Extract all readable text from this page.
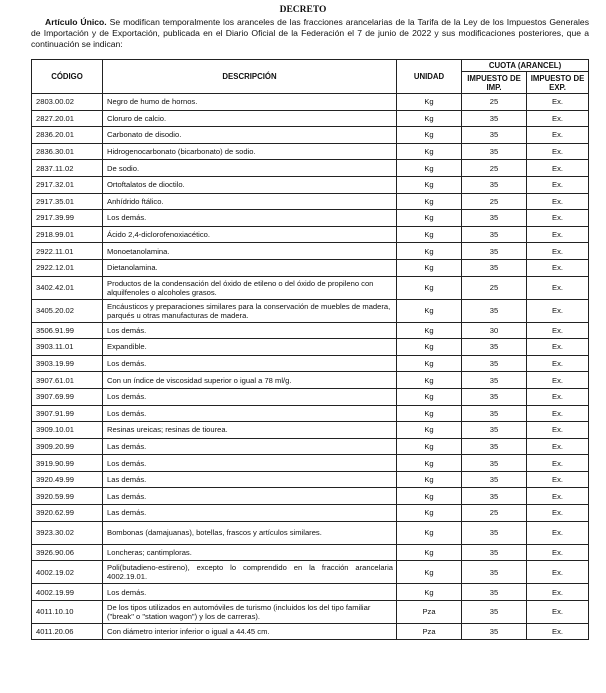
DECRETO
Artículo Único. Se modifican temporalmente los aranceles de las fracciones arancelarias de la Tarifa de la Ley de los Impuestos Generales de Importación y de Exportación, publicada en el Diario Oficial de la Federación el 7 de junio de 2022 y sus modificaciones posteriores, que a continuación se indican:
CÓDIGO	DESCRIPCIÓN	UNIDAD	CUOTA (ARANCEL)	
			IMPUESTO DE IMP.	IMPUESTO DE EXP.
2803.00.02	Negro de humo de hornos.	Kg	25	Ex.
2827.20.01	Cloruro de calcio.	Kg	35	Ex.
2836.20.01	Carbonato de disodio.	Kg	35	Ex.
2836.30.01	Hidrogenocarbonato (bicarbonato) de sodio.	Kg	35	Ex.
2837.11.02	De sodio.	Kg	25	Ex.
2917.32.01	Ortoftalatos de dioctilo.	Kg	35	Ex.
2917.35.01	Anhídrido ftálico.	Kg	25	Ex.
2917.39.99	Los demás.	Kg	35	Ex.
2918.99.01	Ácido 2,4-diclorofenoxiacético.	Kg	35	Ex.
2922.11.01	Monoetanolamina.	Kg	35	Ex.
2922.12.01	Dietanolamina.	Kg	35	Ex.
3402.42.01	Productos de la condensación del óxido de etileno o del óxido de propileno con alquilfenoles o alcoholes grasos.	Kg	25	Ex.
3405.20.02	Encáusticos y preparaciones similares para la conservación de muebles de madera, parqués u otras manufacturas de madera.	Kg	35	Ex.
3506.91.99	Los demás.	Kg	30	Ex.
3903.11.01	Expandible.	Kg	35	Ex.
3903.19.99	Los demás.	Kg	35	Ex.
3907.61.01	Con un índice de viscosidad superior o igual a 78 ml/g.	Kg	35	Ex.
3907.69.99	Los demás.	Kg	35	Ex.
3907.91.99	Los demás.	Kg	35	Ex.
3909.10.01	Resinas ureicas; resinas de tiourea.	Kg	35	Ex.
3909.20.99	Las demás.	Kg	35	Ex.
3919.90.99	Los demás.	Kg	35	Ex.
3920.49.99	Las demás.	Kg	35	Ex.
3920.59.99	Las demás.	Kg	35	Ex.
3920.62.99	Las demás.	Kg	25	Ex.
3923.30.02	Bombonas (damajuanas), botellas, frascos y artículos similares.	Kg	35	Ex.
3926.90.06	Loncheras; cantimploras.	Kg	35	Ex.
4002.19.02	Poli(butadieno-estireno), excepto lo comprendido en la fracción arancelaria 4002.19.01.	Kg	35	Ex.
4002.19.99	Los demás.	Kg	35	Ex.
4011.10.10	De los tipos utilizados en automóviles de turismo (incluidos los del tipo familiar ("break" o "station wagon") y los de carreras).	Pza	35	Ex.
4011.20.06	Con diámetro interior inferior o igual a 44.45 cm.	Pza	35	Ex.
